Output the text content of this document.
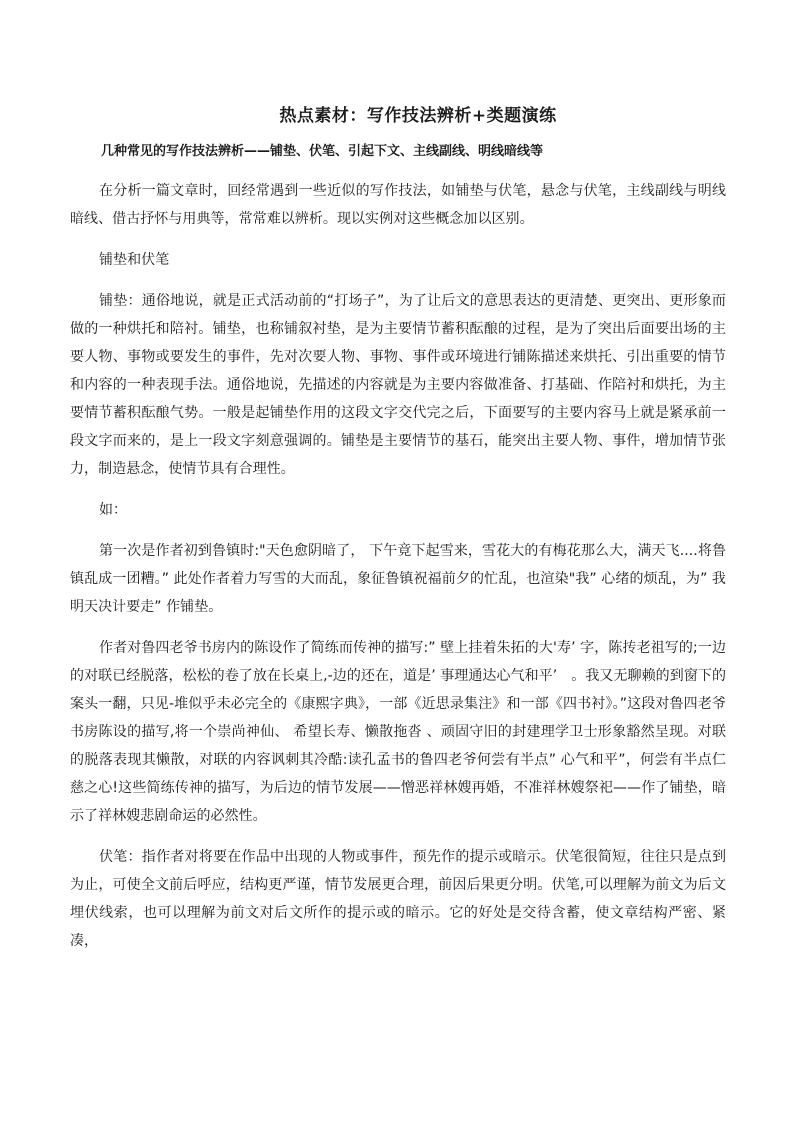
热点素材：写作技法辨析+类题演练
几种常见的写作技法辨析——铺垫、伏笔、引起下文、主线副线、明线暗线等

在分析一篇文章时，回经常遇到一些近似的写作技法，如铺垫与伏笔，悬念与伏笔，主线副线与明线暗线、借古抒怀与用典等，常常难以辨析。现以实例对这些概念加以区别。

铺垫和伏笔

铺垫：通俗地说，就是正式活动前的“打场子”，为了让后文的意思表达的更清楚、更突出、更形象而做的一种烘托和陪衬。铺垫，也称铺叙衬垫，是为主要情节蓄积酝酿的过程，是为了突出后面要出场的主要人物、事物或要发生的事件，先对次要人物、事物、事件或环境进行铺陈描述来烘托、引出重要的情节和内容的一种表现手法。通俗地说，先描述的内容就是为主要内容做准备、打基础、作陪衬和烘托，为主要情节蓄积酝酿气势。一般是起铺垫作用的这段文字交代完之后，下面要写的主要内容马上就是紧承前一段文字而来的，是上一段文字刻意强调的。铺垫是主要情节的基石，能突出主要人物、事件，增加情节张力，制造悬念，使情节具有合理性。

如：

第一次是作者初到鲁镇时:"天色愈阴暗了， 下午竟下起雪来，雪花大的有梅花那么大，满天飞....将鲁镇乱成一团糟。” 此处作者着力写雪的大而乱，象征鲁镇祝福前夕的忙乱，也渲染"我” 心绪的烦乱，为” 我明天决计要走” 作铺垫。

作者对鲁四老爷书房内的陈设作了简练而传神的描写:” 壁上挂着朱拓的大'寿’ 字，陈抟老祖写的;一边的对联已经脱落，松松的卷了放在长桌上,-边的还在，道是’ 事理通达心气和平’　。我又无聊赖的到窗下的案头一翻，只见-堆似乎未必完全的《康熙字典》，一部《近思录集注》和一部《四书衬》。”这段对鲁四老爷书房陈设的描写,将一个崇尚神仙、 希望长寿、懒散拖沓 、顽固守旧的封建理学卫士形象豁然呈现。对联的脱落表现其懒散，对联的内容讽刺其冷酷:读孔孟书的鲁四老爷何尝有半点” 心气和平”，何尝有半点仁慈之心!这些简练传神的描写，为后边的情节发展——憎恶祥林嫂再婚，不准祥林嫂祭祀——作了铺垫，暗示了祥林嫂悲剧命运的必然性。

伏笔：指作者对将要在作品中出现的人物或事件，预先作的提示或暗示。伏笔很简短，往往只是点到为止，可使全文前后呼应，结构更严谨，情节发展更合理，前因后果更分明。伏笔,可以理解为前文为后文埋伏线索，也可以理解为前文对后文所作的提示或的暗示。它的好处是交待含蓄，使文章结构严密、紧凑，
